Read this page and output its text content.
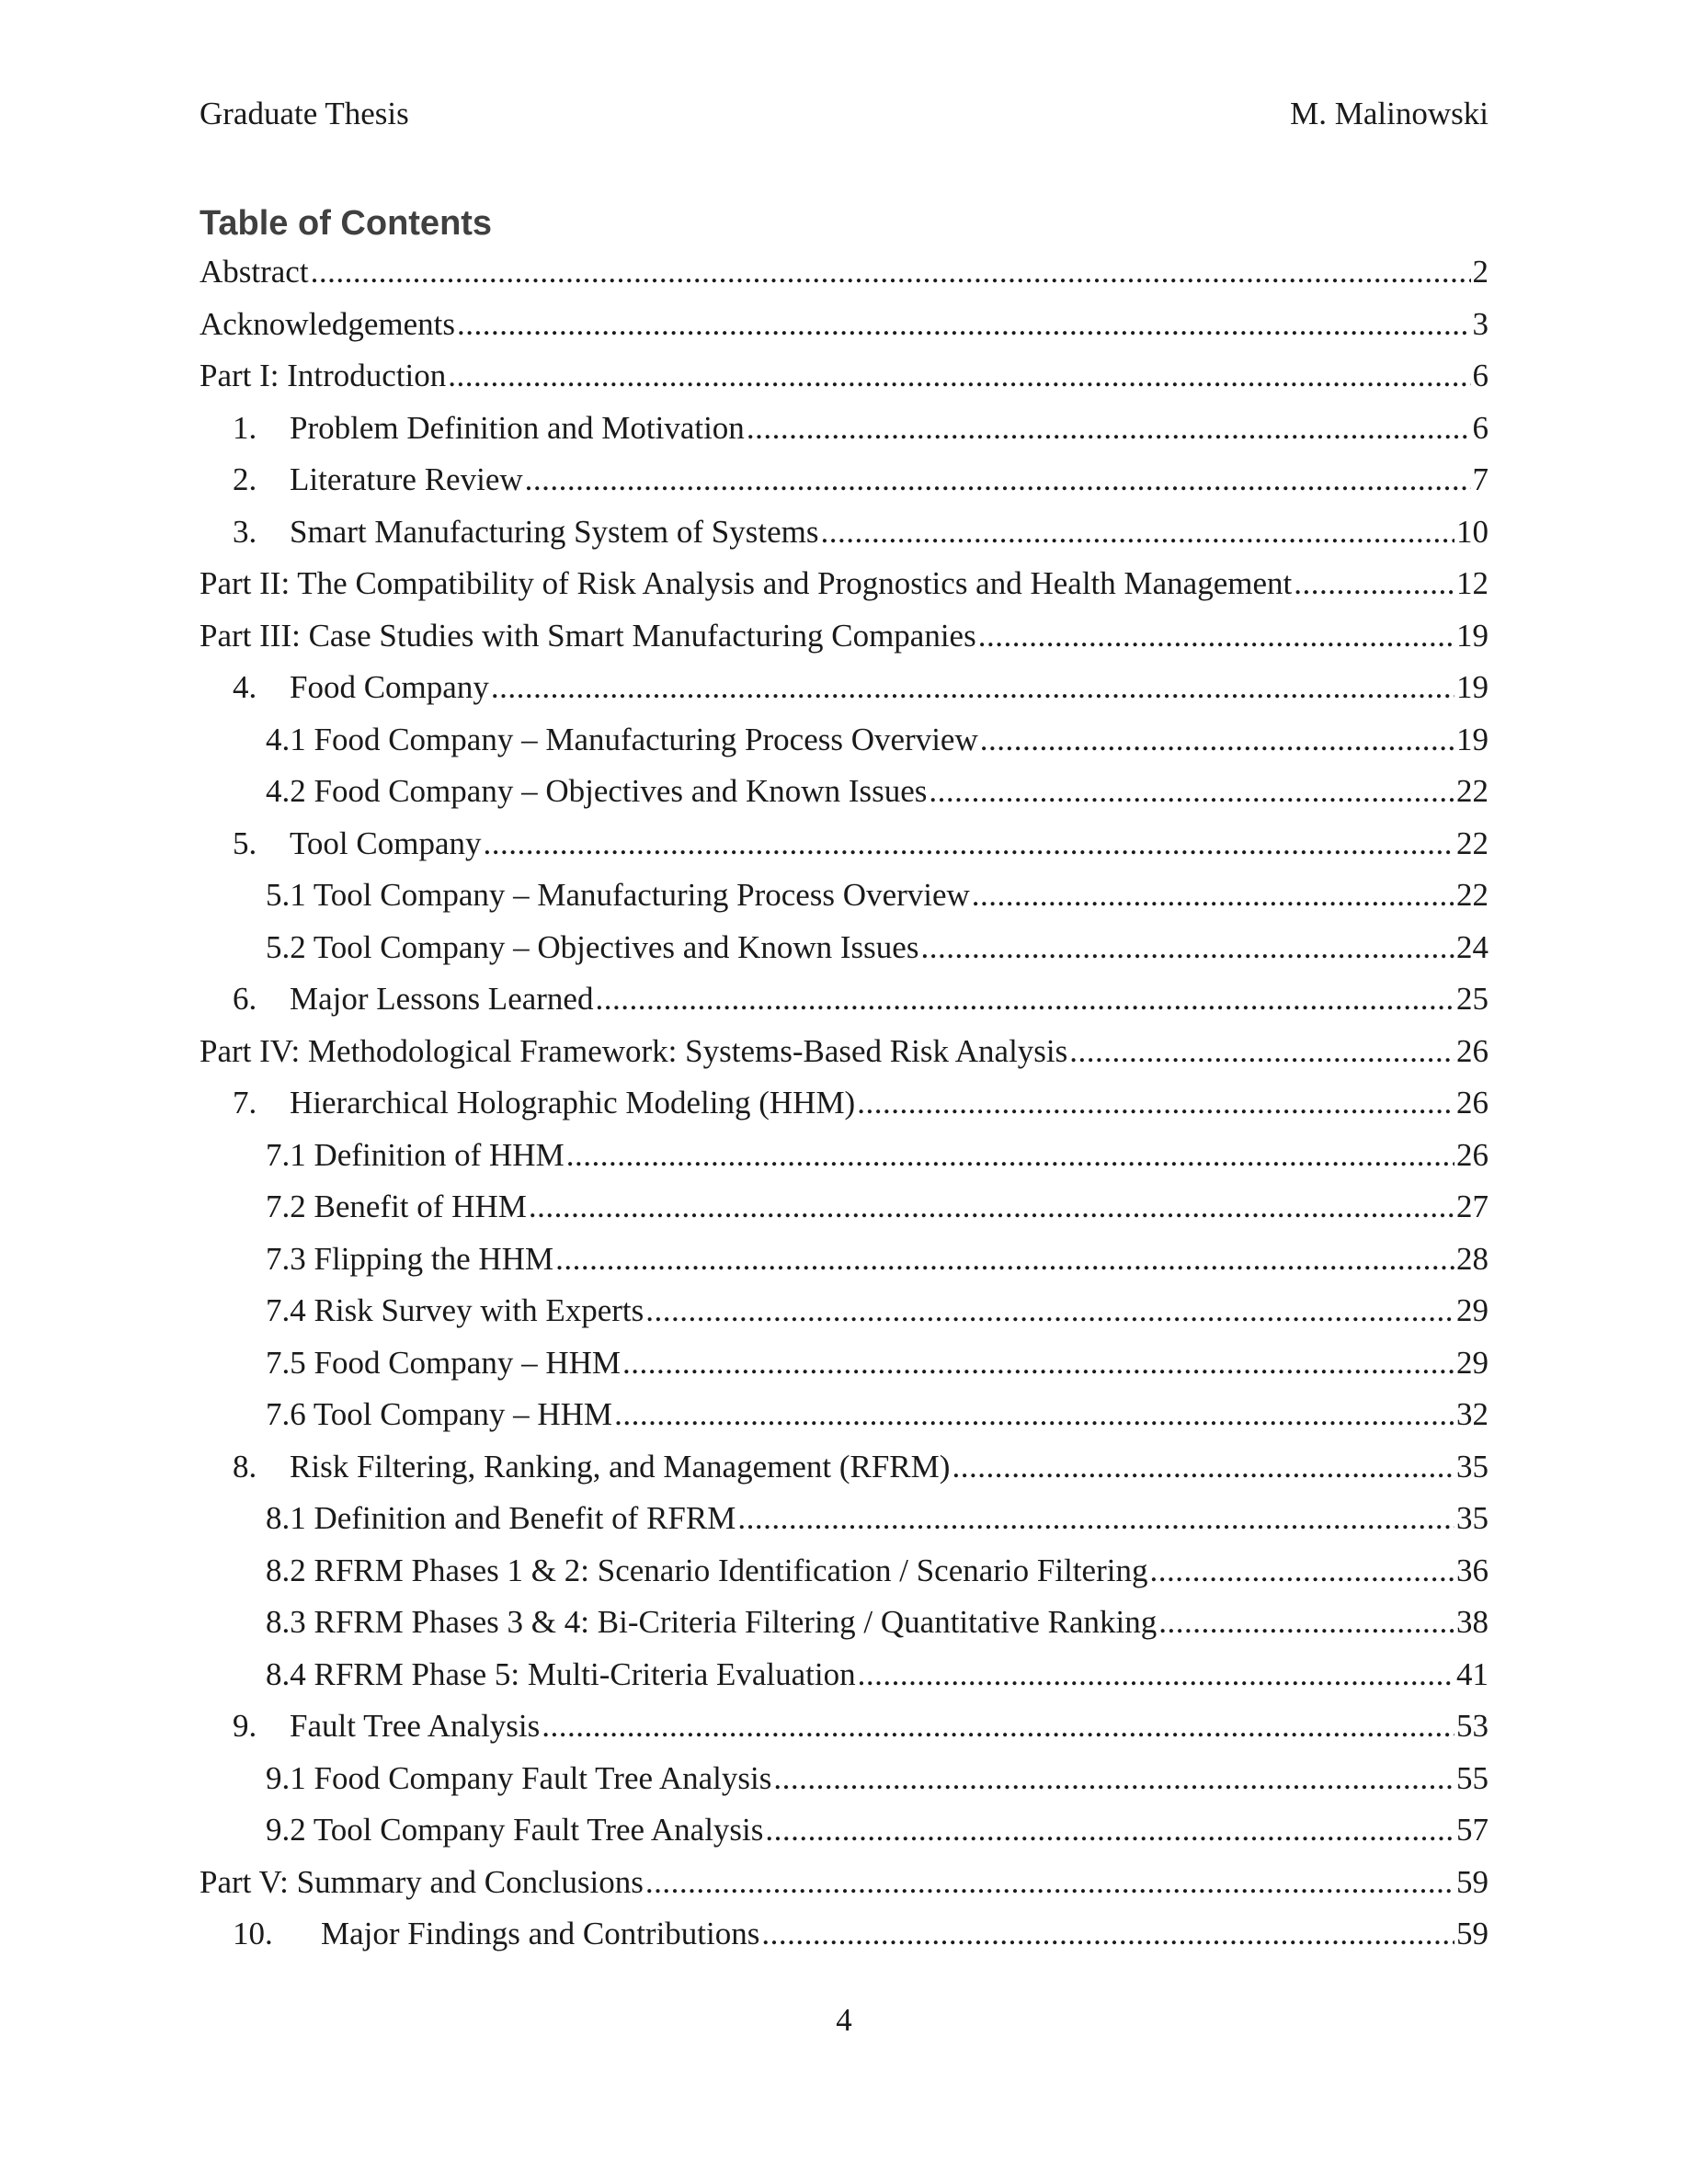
Graduate Thesis	M. Malinowski
Table of Contents
Abstract .....	2
Acknowledgements .....	3
Part I: Introduction .....	6
1.	Problem Definition and Motivation .....	6
2.	Literature Review .....	7
3.	Smart Manufacturing System of Systems .....	10
Part II: The Compatibility of Risk Analysis and Prognostics and Health Management .....	12
Part III: Case Studies with Smart Manufacturing Companies .....	19
4.	Food Company .....	19
4.1 Food Company – Manufacturing Process Overview .....	19
4.2 Food Company – Objectives and Known Issues .....	22
5.	Tool Company .....	22
5.1 Tool Company – Manufacturing Process Overview .....	22
5.2 Tool Company – Objectives and Known Issues .....	24
6.	Major Lessons Learned .....	25
Part IV: Methodological Framework: Systems-Based Risk Analysis .....	26
7.	Hierarchical Holographic Modeling (HHM) .....	26
7.1 Definition of HHM .....	26
7.2 Benefit of HHM .....	27
7.3 Flipping the HHM .....	28
7.4 Risk Survey with Experts .....	29
7.5 Food Company – HHM .....	29
7.6 Tool Company – HHM .....	32
8.	Risk Filtering, Ranking, and Management (RFRM) .....	35
8.1 Definition and Benefit of RFRM .....	35
8.2 RFRM Phases 1 & 2: Scenario Identification / Scenario Filtering .....	36
8.3 RFRM Phases 3 & 4: Bi-Criteria Filtering / Quantitative Ranking .....	38
8.4 RFRM Phase 5: Multi-Criteria Evaluation .....	41
9.	Fault Tree Analysis .....	53
9.1 Food Company Fault Tree Analysis .....	55
9.2 Tool Company Fault Tree Analysis .....	57
Part V: Summary and Conclusions .....	59
10.	Major Findings and Contributions .....	59
4
